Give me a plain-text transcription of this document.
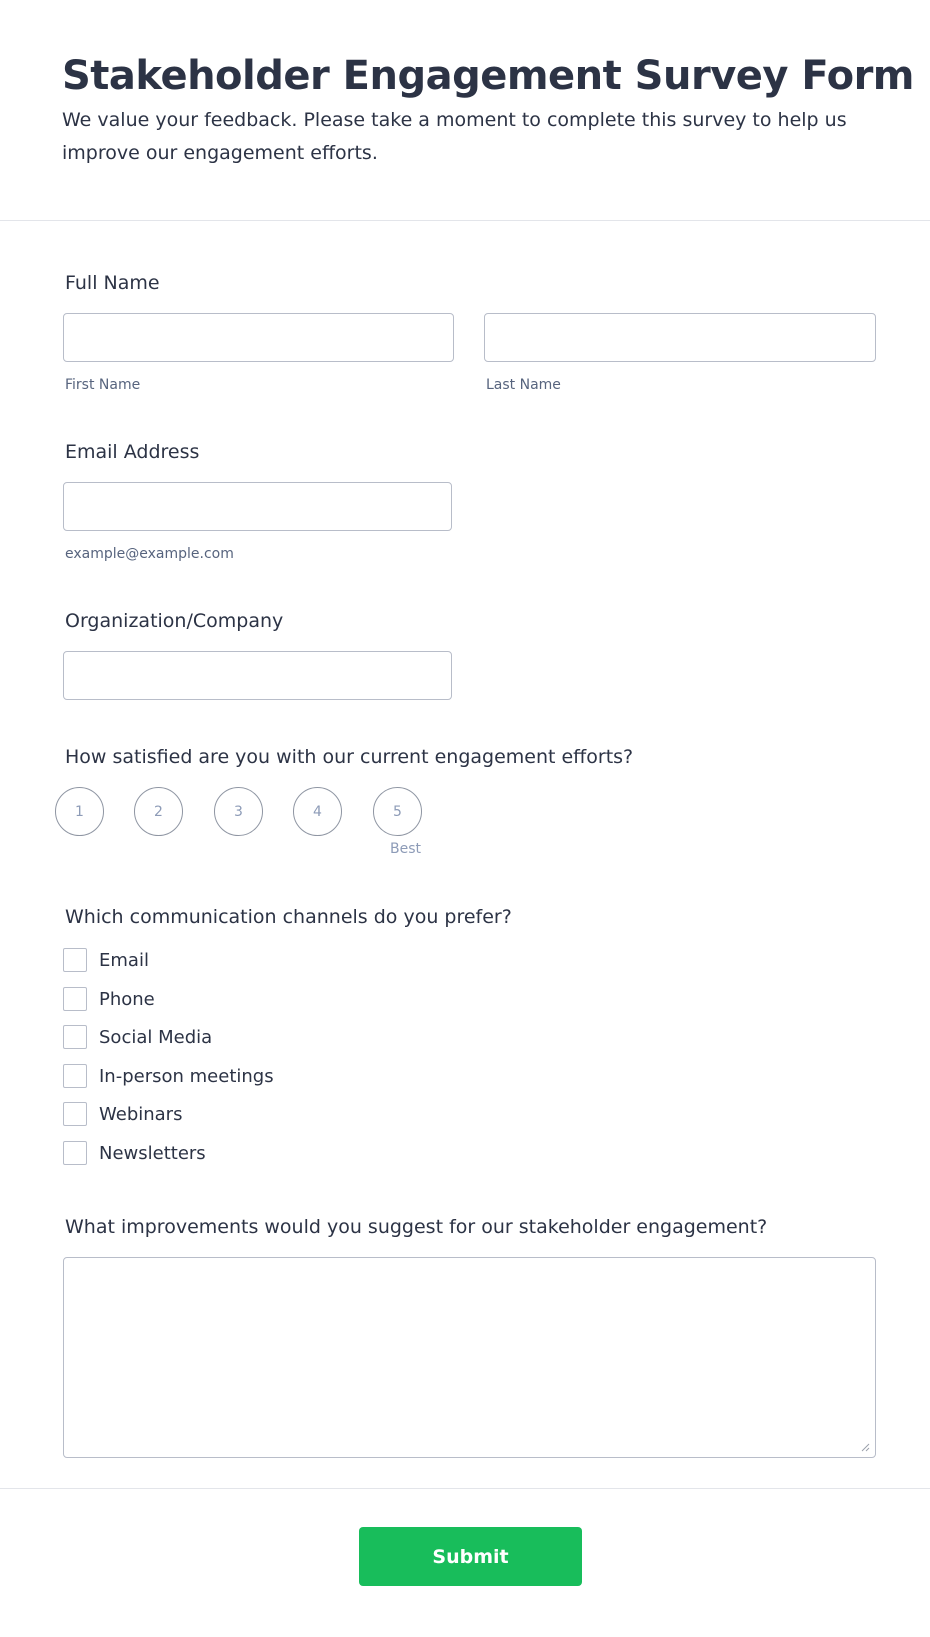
Stakeholder Engagement Survey Form

We value your feedback. Please take a moment to complete this survey to help us improve our engagement efforts.

Full Name
First Name	Last Name
Email Address
example@example.com
Organization/Company
How satisfied are you with our current engagement efforts?
1	2	3	4	5
Best
Which communication channels do you prefer?
Email
Phone
Social Media
In-person meetings
Webinars
Newsletters
What improvements would you suggest for our stakeholder engagement?
Submit
